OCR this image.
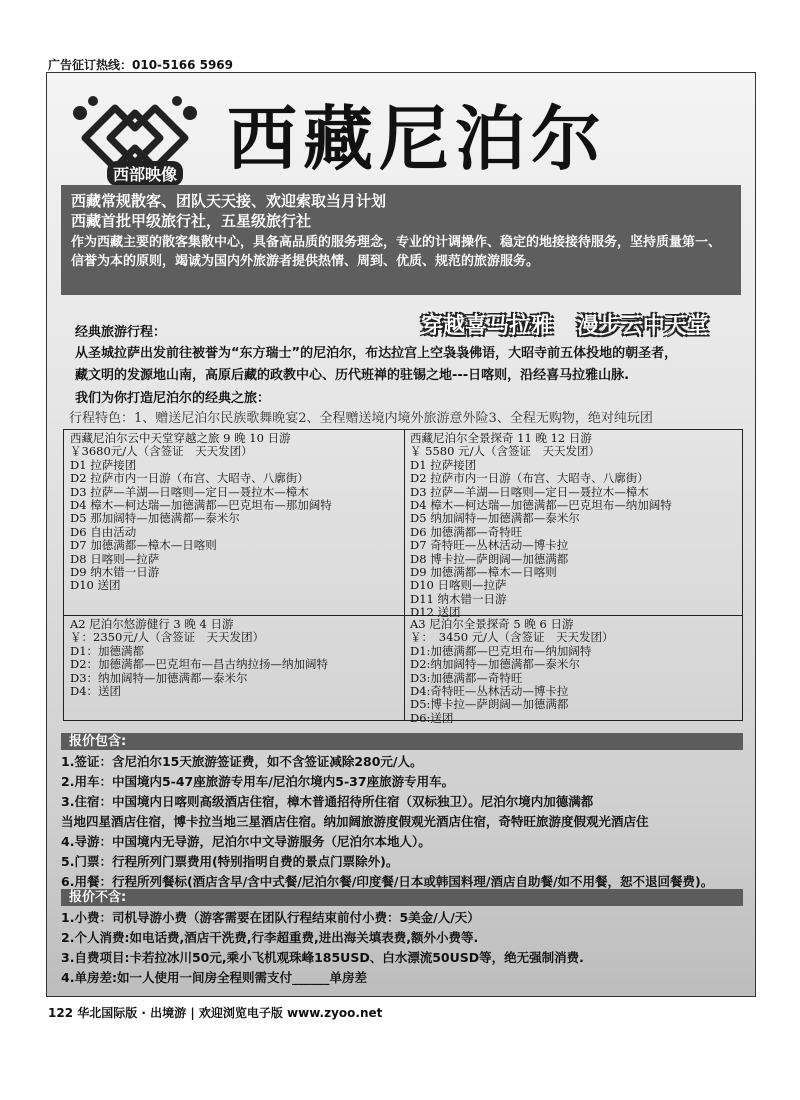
广告征订热线：010-5166 5969
西部映像 西藏尼泊尔
西藏常规散客、团队天天接、欢迎索取当月计划
西藏首批甲级旅行社，五星级旅行社
作为西藏主要的散客集散中心，具备高品质的服务理念，专业的计调操作、稳定的地接接待服务，坚持质量第一、信誉为本的原则，竭诚为国内外旅游者提供热情、周到、优质、规范的旅游服务。
穿越喜马拉雅 漫步云中天堂
经典旅游行程：
从圣城拉萨出发前往被誉为“东方瑞士”的尼泊尔，布达拉宫上空袅袅佛语，大昭寺前五体投地的朝圣者，
藏文明的发源地山南，高原后藏的政教中心、历代班禅的驻锡之地---日喀则，沿经喜马拉雅山脉.
我们为你打造尼泊尔的经典之旅：
行程特色：1、赠送尼泊尔民族歌舞晚宴2、全程赠送境内境外旅游意外险3、全程无购物，绝对纯玩团
西藏尼泊尔云中天堂穿越之旅 9 晚 10 日游
￥3680元/人（含签证　天天发团）
D1 拉萨接团
D2 拉萨市内一日游（布宫、大昭寺、八廓街）
D3 拉萨—羊湖—日喀则—定日—聂拉木—樟木
D4 樟木—柯达瑞—加德满都—巴克坦布—那加阔特
D5 那加阔特—加德满都—泰米尔
D6 自由活动
D7 加德满都—樟木—日喀则
D8 日喀则—拉萨
D9 纳木错一日游
D10 送团
西藏尼泊尔全景探奇 11 晚 12 日游
￥ 5580 元/人（含签证　天天发团）
D1 拉萨接团
D2 拉萨市内一日游（布宫、大昭寺、八廓街）
D3 拉萨—羊湖—日喀则—定日—聂拉木—樟木
D4 樟木—柯达瑞—加德满都—巴克坦布—纳加阔特
D5 纳加阔特—加德满都—泰米尔
D6 加德满都—奇特旺
D7 奇特旺—丛林活动—博卡拉
D8 博卡拉—萨朗阔—加德满都
D9 加德满都—樟木—日喀则
D10 日喀则—拉萨
D11 纳木错一日游
D12 送团
A2 尼泊尔悠游健行 3 晚 4 日游
￥：2350元/人（含签证　天天发团）
D1：加德满都
D2：加德满都—巴克坦布—昌古纳拉扬—纳加阔特
D3：纳加阔特—加德满都—泰米尔
D4：送团
A3 尼泊尔全景探奇 5 晚 6 日游
￥：　3450 元/人（含签证　天天发团）
D1:加德满都—巴克坦布—纳加阔特
D2:纳加阔特—加德满都—泰米尔
D3:加德满都—奇特旺
D4:奇特旺—丛林活动—博卡拉
D5:博卡拉—萨朗阔—加德满都
D6:送团
报价包含:
1.签证：含尼泊尔15天旅游签证费，如不含签证减除280元/人。
2.用车：中国境内5-47座旅游专用车/尼泊尔境内5-37座旅游专用车。
3.住宿：中国境内日喀则高级酒店住宿，樟木普通招待所住宿（双标独卫）。尼泊尔境内加德满都
当地四星酒店住宿，博卡拉当地三星酒店住宿。纳加阔旅游度假观光酒店住宿，奇特旺旅游度假观光酒店住
4.导游：中国境内无导游，尼泊尔中文导游服务（尼泊尔本地人）。
5.门票：行程所列门票费用(特别指明自费的景点门票除外)。
6.用餐：行程所列餐标(酒店含早/含中式餐/尼泊尔餐/印度餐/日本或韩国料理/酒店自助餐/如不用餐，恕不退回餐费)。
报价不含:
1.小费：司机导游小费（游客需要在团队行程结束前付小费：5美金/人/天）
2.个人消费:如电话费,酒店干洗费,行李超重费,进出海关填表费,额外小费等.
3.自费项目:卡若拉冰川50元,乘小飞机观珠峰185USD、白水漂流50USD等，绝无强制消费.
4.单房差:如一人使用一间房全程则需支付______单房差
122 华北国际版 · 出境游 | 欢迎浏览电子版 www.zyoo.net
